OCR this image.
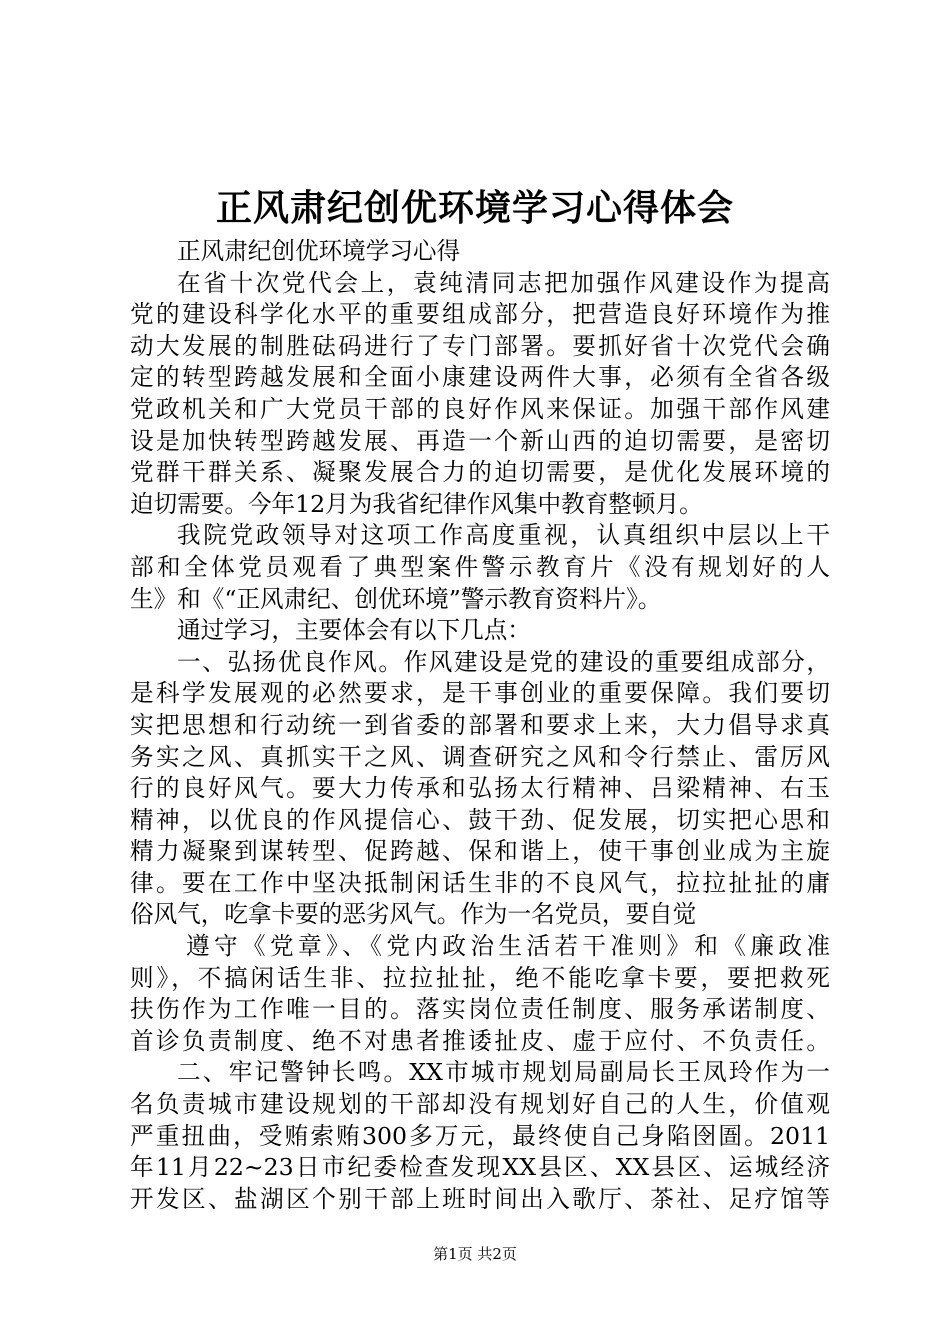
正风肃纪创优环境学习心得体会
正风肃纪创优环境学习心得
在省十次党代会上，袁纯清同志把加强作风建设作为提高
党的建设科学化水平的重要组成部分，把营造良好环境作为推
动大发展的制胜砝码进行了专门部署。要抓好省十次党代会确
定的转型跨越发展和全面小康建设两件大事，必须有全省各级
党政机关和广大党员干部的良好作风来保证。加强干部作风建
设是加快转型跨越发展、再造一个新山西的迫切需要，是密切
党群干群关系、凝聚发展合力的迫切需要，是优化发展环境的
迫切需要。今年12月为我省纪律作风集中教育整顿月。
我院党政领导对这项工作高度重视，认真组织中层以上干
部和全体党员观看了典型案件警示教育片《没有规划好的人
生》和《“正风肃纪、创优环境”警示教育资料片》。
通过学习，主要体会有以下几点：
一、弘扬优良作风。作风建设是党的建设的重要组成部分，
是科学发展观的必然要求，是干事创业的重要保障。我们要切
实把思想和行动统一到省委的部署和要求上来，大力倡导求真
务实之风、真抓实干之风、调查研究之风和令行禁止、雷厉风
行的良好风气。要大力传承和弘扬太行精神、吕梁精神、右玉
精神，以优良的作风提信心、鼓干劲、促发展，切实把心思和
精力凝聚到谋转型、促跨越、保和谐上，使干事创业成为主旋
律。要在工作中坚决抵制闲话生非的不良风气，拉拉扯扯的庸
俗风气，吃拿卡要的恶劣风气。作为一名党员，要自觉
遵守《党章》、《党内政治生活若干准则》和《廉政准
则》，不搞闲话生非、拉拉扯扯，绝不能吃拿卡要，要把救死
扶伤作为工作唯一目的。落实岗位责任制度、服务承诺制度、
首诊负责制度、绝不对患者推诿扯皮、虚于应付、不负责任。
二、牢记警钟长鸣。XX市城市规划局副局长王凤玲作为一
名负责城市建设规划的干部却没有规划好自己的人生，价值观
严重扭曲，受贿索贿300多万元，最终使自己身陷囹圄。2011
年11月22~23日市纪委检查发现XX县区、XX县区、运城经济
开发区、盐湖区个别干部上班时间出入歌厅、茶社、足疗馆等
第1页 共2页
